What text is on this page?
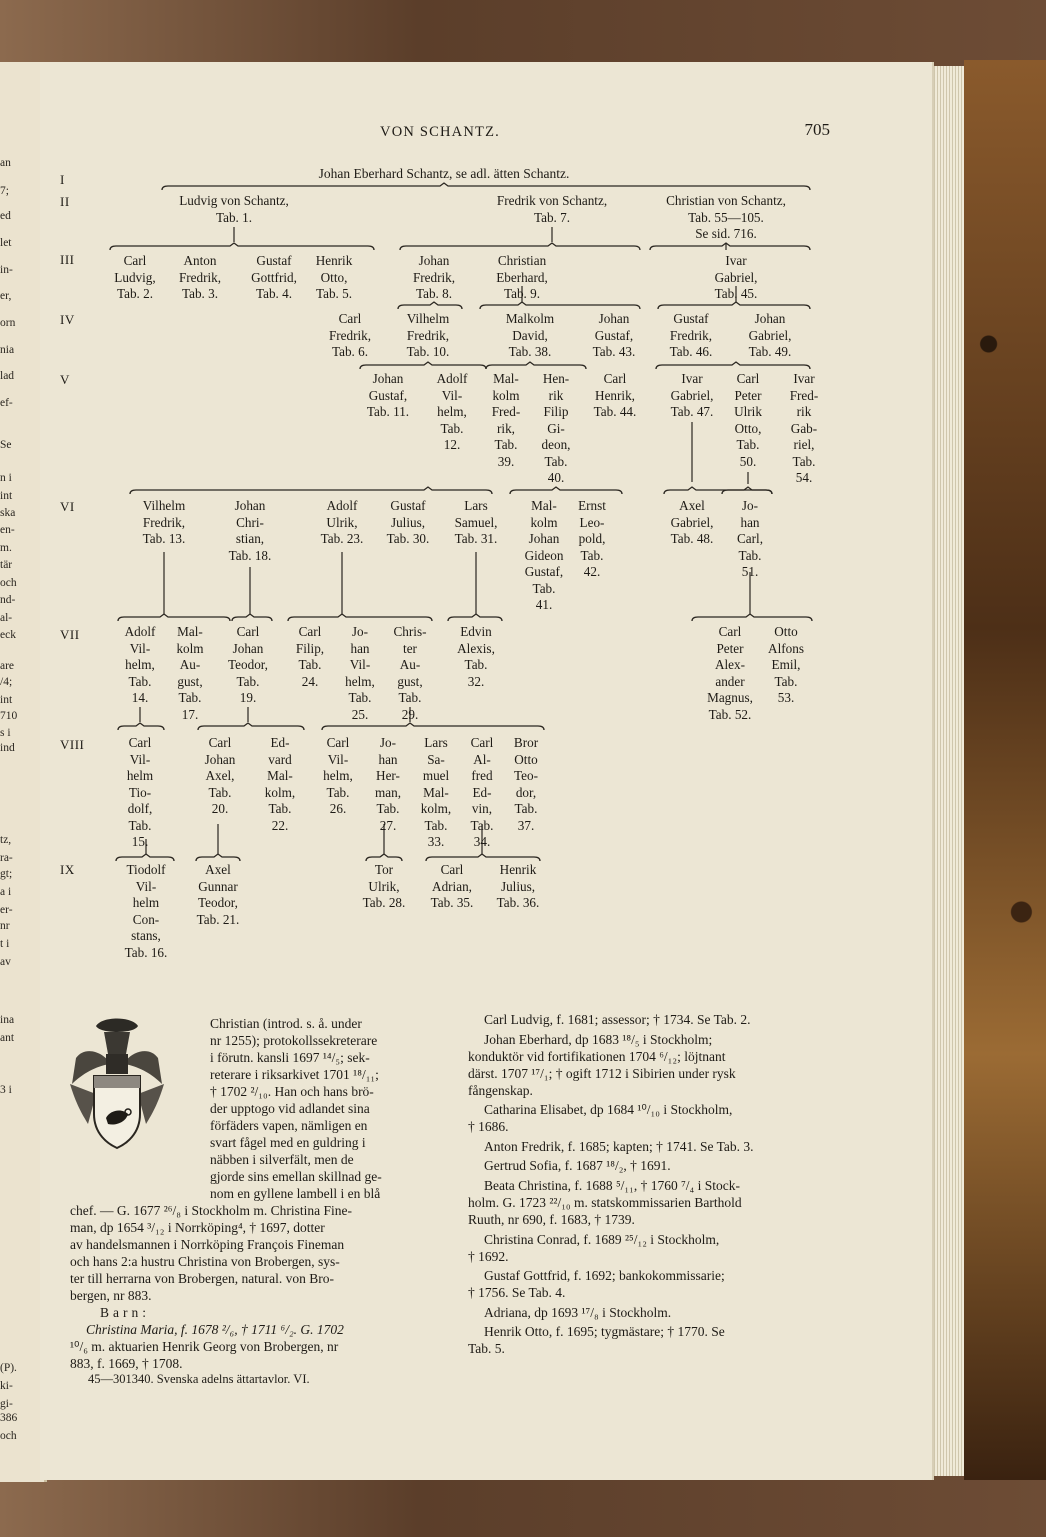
an
7;
ed
let
in-
er,
orn
nia
lad
ef-
Se
n i
int
ska
en-
m.
tär
och
nd-
al-
eck
are
/4;
int
710
s i
ind
tz,
ra-
gt;
a i
er-
nr
t i
av
ina
ant
3 i
(P).
ki-
gi-
386
och
VON SCHANTZ.	705
I
II
III
IV
V
VI
VII
VIII
IX
Johan Eberhard Schantz, se adl. ätten Schantz.
Ludvig von Schantz,
Tab. 1.
Fredrik von Schantz,
Tab. 7.
Christian von Schantz,
Tab. 55—105.
Se sid. 716.
Carl
Ludvig,
Tab. 2.
Anton
Fredrik,
Tab. 3.
Gustaf
Gottfrid,
Tab. 4.
Henrik
Otto,
Tab. 5.
Johan
Fredrik,
Tab. 8.
Christian
Eberhard,
Tab. 9.
Ivar
Gabriel,
Tab. 45.
Carl
Fredrik,
Tab. 6.
Vilhelm
Fredrik,
Tab. 10.
Malkolm
David,
Tab. 38.
Johan
Gustaf,
Tab. 43.
Gustaf
Fredrik,
Tab. 46.
Johan
Gabriel,
Tab. 49.
Johan
Gustaf,
Tab. 11.
Adolf
Vil-
helm,
Tab.
12.
Mal-
kolm
Fred-
rik,
Tab.
39.
Hen-
rik
Filip
Gi-
deon,
Tab.
40.
Carl
Henrik,
Tab. 44.
Ivar
Gabriel,
Tab. 47.
Carl
Peter
Ulrik
Otto,
Tab.
50.
Ivar
Fred-
rik
Gab-
riel,
Tab.
54.
Vilhelm
Fredrik,
Tab. 13.
Johan
Chri-
stian,
Tab. 18.
Adolf
Ulrik,
Tab. 23.
Gustaf
Julius,
Tab. 30.
Lars
Samuel,
Tab. 31.
Mal-
kolm
Johan
Gideon
Gustaf,
Tab.
41.
Ernst
Leo-
pold,
Tab.
42.
Axel
Gabriel,
Tab. 48.
Jo-
han
Carl,
Tab.
51.
Adolf
Vil-
helm,
Tab.
14.
Mal-
kolm
Au-
gust,
Tab.
17.
Carl
Johan
Teodor,
Tab.
19.
Carl
Filip,
Tab.
24.
Jo-
han
Vil-
helm,
Tab.
25.
Chris-
ter
Au-
gust,
Tab.
29.
Edvin
Alexis,
Tab.
32.
Carl
Peter
Alex-
ander
Magnus,
Tab. 52.
Otto
Alfons
Emil,
Tab.
53.
Carl
Vil-
helm
Tio-
dolf,
Tab.
15.
Carl
Johan
Axel,
Tab.
20.
Ed-
vard
Mal-
kolm,
Tab.
22.
Carl
Vil-
helm,
Tab.
26.
Jo-
han
Her-
man,
Tab.
27.
Lars
Sa-
muel
Mal-
kolm,
Tab.
33.
Carl
Al-
fred
Ed-
vin,
Tab.
34.
Bror
Otto
Teo-
dor,
Tab.
37.
Tiodolf
Vil-
helm
Con-
stans,
Tab. 16.
Axel
Gunnar
Teodor,
Tab. 21.
Tor
Ulrik,
Tab. 28.
Carl
Adrian,
Tab. 35.
Henrik
Julius,
Tab. 36.
Christian (introd. s. å. under
nr 1255); protokollssekreterare
i förutn. kansli 1697 ¹⁴/₅; sek-
reterare i riksarkivet 1701 ¹⁸/₁₁;
† 1702 ²/₁₀. Han och hans brö-
der upptogo vid adlandet sina
förfäders vapen, nämligen en
svart fågel med en guldring i
näbben i silverfält, men de
gjorde sins emellan skillnad ge-
nom en gyllene lambell i en blå
chef. — G. 1677 ²⁶/₈ i Stockholm m. Christina Fine-
man, dp 1654 ³/₁₂ i Norrköping⁴, † 1697, dotter
av handelsmannen i Norrköping François Fineman
och hans 2:a hustru Christina von Brobergen, sys-
ter till herrarna von Brobergen, natural. von Bro-
bergen, nr 883.
Barn:
Christina Maria, f. 1678 ²/₆, † 1711 ⁶/₂. G. 1702
¹⁰/₆ m. aktuarien Henrik Georg von Brobergen, nr
883, f. 1669, † 1708.
Carl Ludvig, f. 1681; assessor; † 1734. Se Tab. 2.
Johan Eberhard, dp 1683 ¹⁸/₅ i Stockholm;
konduktör vid fortifikationen 1704 ⁶/₁₂; löjtnant
därst. 1707 ¹⁷/₁; † ogift 1712 i Sibirien under rysk
fångenskap.
Catharina Elisabet, dp 1684 ¹⁰/₁₀ i Stockholm,
† 1686.
Anton Fredrik, f. 1685; kapten; † 1741. Se Tab. 3.
Gertrud Sofia, f. 1687 ¹⁸/₂, † 1691.
Beata Christina, f. 1688 ⁵/₁₁, † 1760 ⁷/₄ i Stock-
holm. G. 1723 ²²/₁₀ m. statskommissarien Barthold
Ruuth, nr 690, f. 1683, † 1739.
Christina Conrad, f. 1689 ²⁵/₁₂ i Stockholm,
† 1692.
Gustaf Gottfrid, f. 1692; bankokommissarie;
† 1756. Se Tab. 4.
Adriana, dp 1693 ¹⁷/₈ i Stockholm.
Henrik Otto, f. 1695; tygmästare; † 1770. Se
Tab. 5.
45—301340. Svenska adelns ättartavlor. VI.
